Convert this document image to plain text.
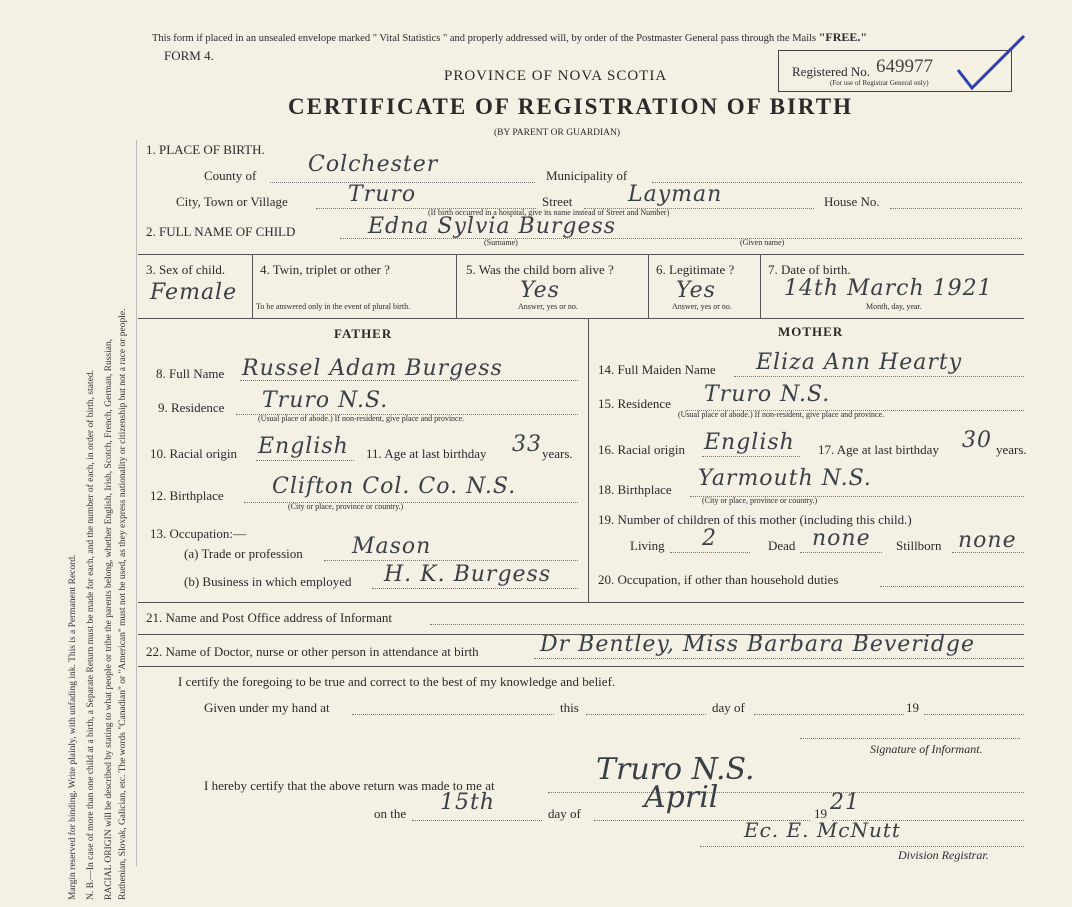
Margin reserved for binding. Write plainly, with unfading ink. This is a Permanent Record. N. B.—In case of more than one child at a birth, a Separate Return must be made for each, and the number of each, in order of birth, stated. RACIAL ORIGIN will be described by stating to what people or tribe the parents belong, whether English, Irish, Scotch, French, German, Russian, Ruthenian, Slovak, Galician, etc. The words "Canadian" or "American" must not be used, as they express nationality or citizenship but not a race or people.
This form if placed in an unsealed envelope marked " Vital Statistics " and properly addressed will, by order of the Postmaster General pass through the Mails "FREE."
FORM 4.
PROVINCE OF NOVA SCOTIA
CERTIFICATE OF REGISTRATION OF BIRTH
(BY PARENT OR GUARDIAN)
Registered No. 649977
(For use of Registrar General only)
1. PLACE OF BIRTH.
County of Colchester	Municipality of
City, Town or Village	Truro	Street	Layman	House No.
(If birth occurred in a hospital, give its name instead of Street and Number)
2. FULL NAME OF CHILD	Edna Sylvia Burgess
(Surname)	(Given name)
3. Sex of child.
Female
4. Twin, triplet or other ?
To be answered only in the event of plural birth.
5. Was the child born alive ?
Yes
Answer, yes or no.
6. Legitimate ?
Yes
Answer, yes or no.
7. Date of birth.
14th March 1921
Month, day, year.
FATHER	MOTHER
8. Full Name Russel Adam Burgess
9. Residence Truro N.S.
(Usual place of abode.) If non-resident, give place and province.
10. Racial origin English 11. Age at last birthday 33 years.
12. Birthplace Clifton Col. Co. N.S.
(City or place, province or country.)
13. Occupation:—
(a) Trade or profession Mason
(b) Business in which employed H. K. Burgess
14. Full Maiden Name Eliza Ann Hearty
15. Residence Truro N.S.
(Usual place of abode.) If non-resident, give place and province.
16. Racial origin English 17. Age at last birthday 30 years.
18. Birthplace Yarmouth N.S.
(City or place, province or country.)
19. Number of children of this mother (including this child.)
Living 2	Dead none Stillborn none
20. Occupation, if other than household duties
21. Name and Post Office address of Informant
22. Name of Doctor, nurse or other person in attendance at birth	Dr Bentley, Miss Barbara Beveridge
I certify the foregoing to be true and correct to the best of my knowledge and belief.
Given under my hand at	this	day of	19
Signature of Informant.
I hereby certify that the above return was made to me at	Truro N.S.
on the 15th	day of April	19 21
Ec. E. McNutt
Division Registrar.
